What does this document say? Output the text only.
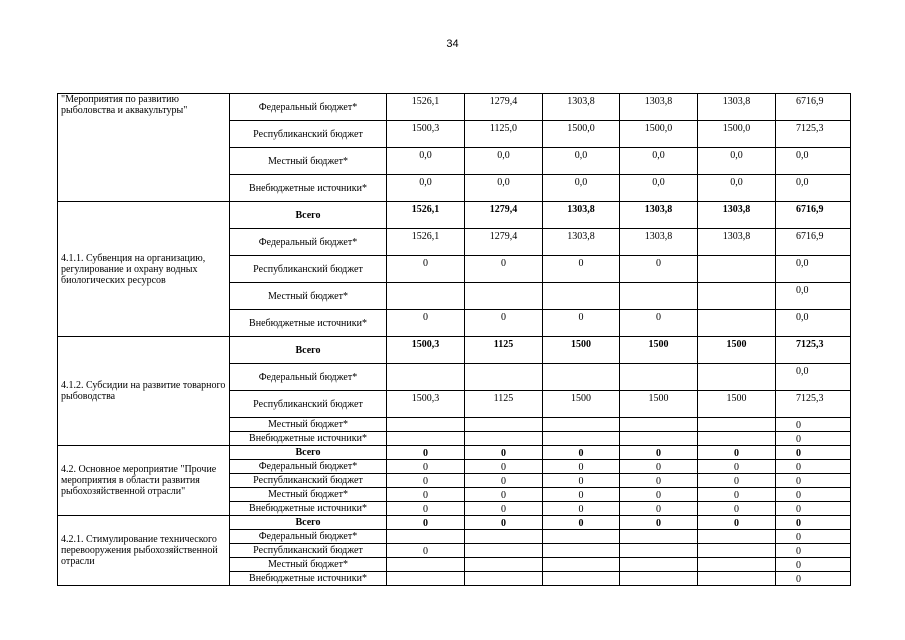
34
"Мероприятия по развитию рыболовства и аквакультуры"	Федеральный бюджет*	1526,1	1279,4	1303,8	1303,8	1303,8	6716,9
	Республиканский бюджет	1500,3	1125,0	1500,0	1500,0	1500,0	7125,3
	Местный бюджет*	0,0	0,0	0,0	0,0	0,0	0,0
	Внебюджетные источники*	0,0	0,0	0,0	0,0	0,0	0,0
4.1.1. Субвенция на организацию, регулирование и охрану водных биологических ресурсов	Всего	1526,1	1279,4	1303,8	1303,8	1303,8	6716,9
	Федеральный бюджет*	1526,1	1279,4	1303,8	1303,8	1303,8	6716,9
	Республиканский бюджет	0	0	0	0		0,0
	Местный бюджет*						0,0
	Внебюджетные источники*	0	0	0	0		0,0
4.1.2. Субсидии на развитие товарного рыбоводства	Всего	1500,3	1125	1500	1500	1500	7125,3
	Федеральный бюджет*						0,0
	Республиканский бюджет	1500,3	1125	1500	1500	1500	7125,3
	Местный бюджет*						0
	Внебюджетные источники*						0
4.2. Основное мероприятие "Прочие мероприятия в области развития рыбохозяйственной отрасли"	Всего	0	0	0	0	0	0
	Федеральный бюджет*	0	0	0	0	0	0
	Республиканский бюджет	0	0	0	0	0	0
	Местный бюджет*	0	0	0	0	0	0
	Внебюджетные источники*	0	0	0	0	0	0
4.2.1. Стимулирование технического перевооружения рыбохозяйственной отрасли	Всего	0	0	0	0	0	0
	Федеральный бюджет*						0
	Республиканский бюджет	0					0
	Местный бюджет*						0
	Внебюджетные источники*						0
